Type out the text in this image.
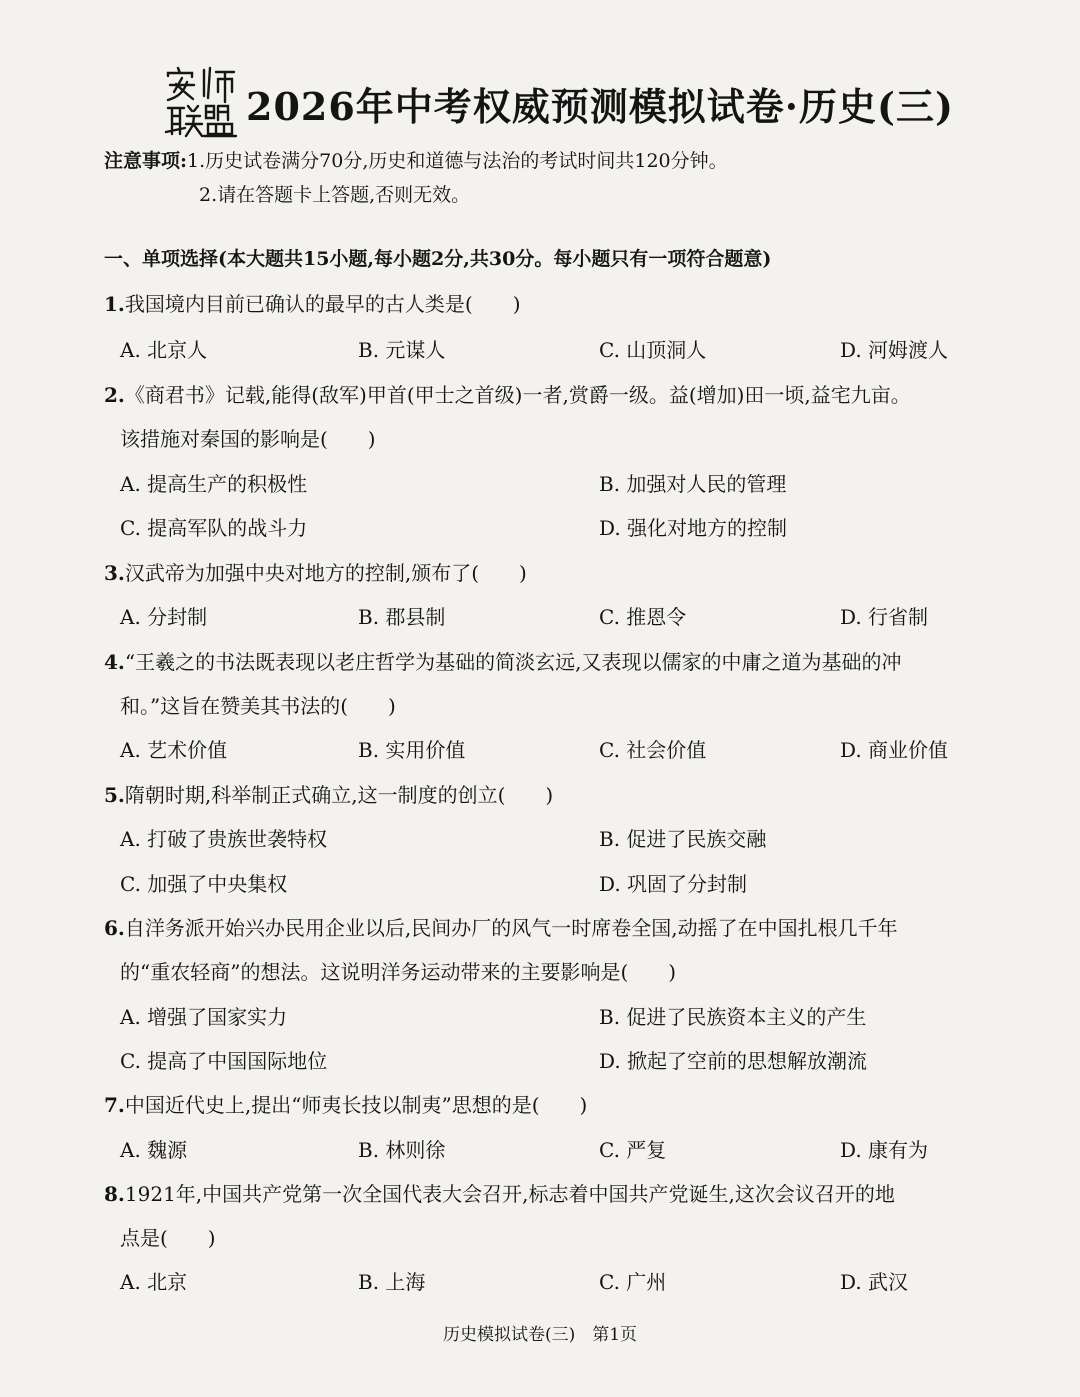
2026年中考权威预测模拟试卷·历史(三)
注意事项:1.历史试卷满分70分,历史和道德与法治的考试时间共120分钟。
2.请在答题卡上答题,否则无效。
一、单项选择(本大题共15小题,每小题2分,共30分。每小题只有一项符合题意)
1.我国境内目前已确认的最早的古人类是(　　)
A. 北京人	B. 元谋人	C. 山顶洞人	D. 河姆渡人
2.《商君书》记载,能得(敌军)甲首(甲士之首级)一者,赏爵一级。益(增加)田一顷,益宅九亩。
该措施对秦国的影响是(　　)
A. 提高生产的积极性	B. 加强对人民的管理
C. 提高军队的战斗力	D. 强化对地方的控制
3.汉武帝为加强中央对地方的控制,颁布了(　　)
A. 分封制	B. 郡县制	C. 推恩令	D. 行省制
4.“王羲之的书法既表现以老庄哲学为基础的简淡玄远,又表现以儒家的中庸之道为基础的冲
和。”这旨在赞美其书法的(　　)
A. 艺术价值	B. 实用价值	C. 社会价值	D. 商业价值
5.隋朝时期,科举制正式确立,这一制度的创立(　　)
A. 打破了贵族世袭特权	B. 促进了民族交融
C. 加强了中央集权	D. 巩固了分封制
6.自洋务派开始兴办民用企业以后,民间办厂的风气一时席卷全国,动摇了在中国扎根几千年
的“重农轻商”的想法。这说明洋务运动带来的主要影响是(　　)
A. 增强了国家实力	B. 促进了民族资本主义的产生
C. 提高了中国国际地位	D. 掀起了空前的思想解放潮流
7.中国近代史上,提出“师夷长技以制夷”思想的是(　　)
A. 魏源	B. 林则徐	C. 严复	D. 康有为
8.1921年,中国共产党第一次全国代表大会召开,标志着中国共产党诞生,这次会议召开的地
点是(　　)
A. 北京	B. 上海	C. 广州	D. 武汉
历史模拟试卷(三)　第1页
